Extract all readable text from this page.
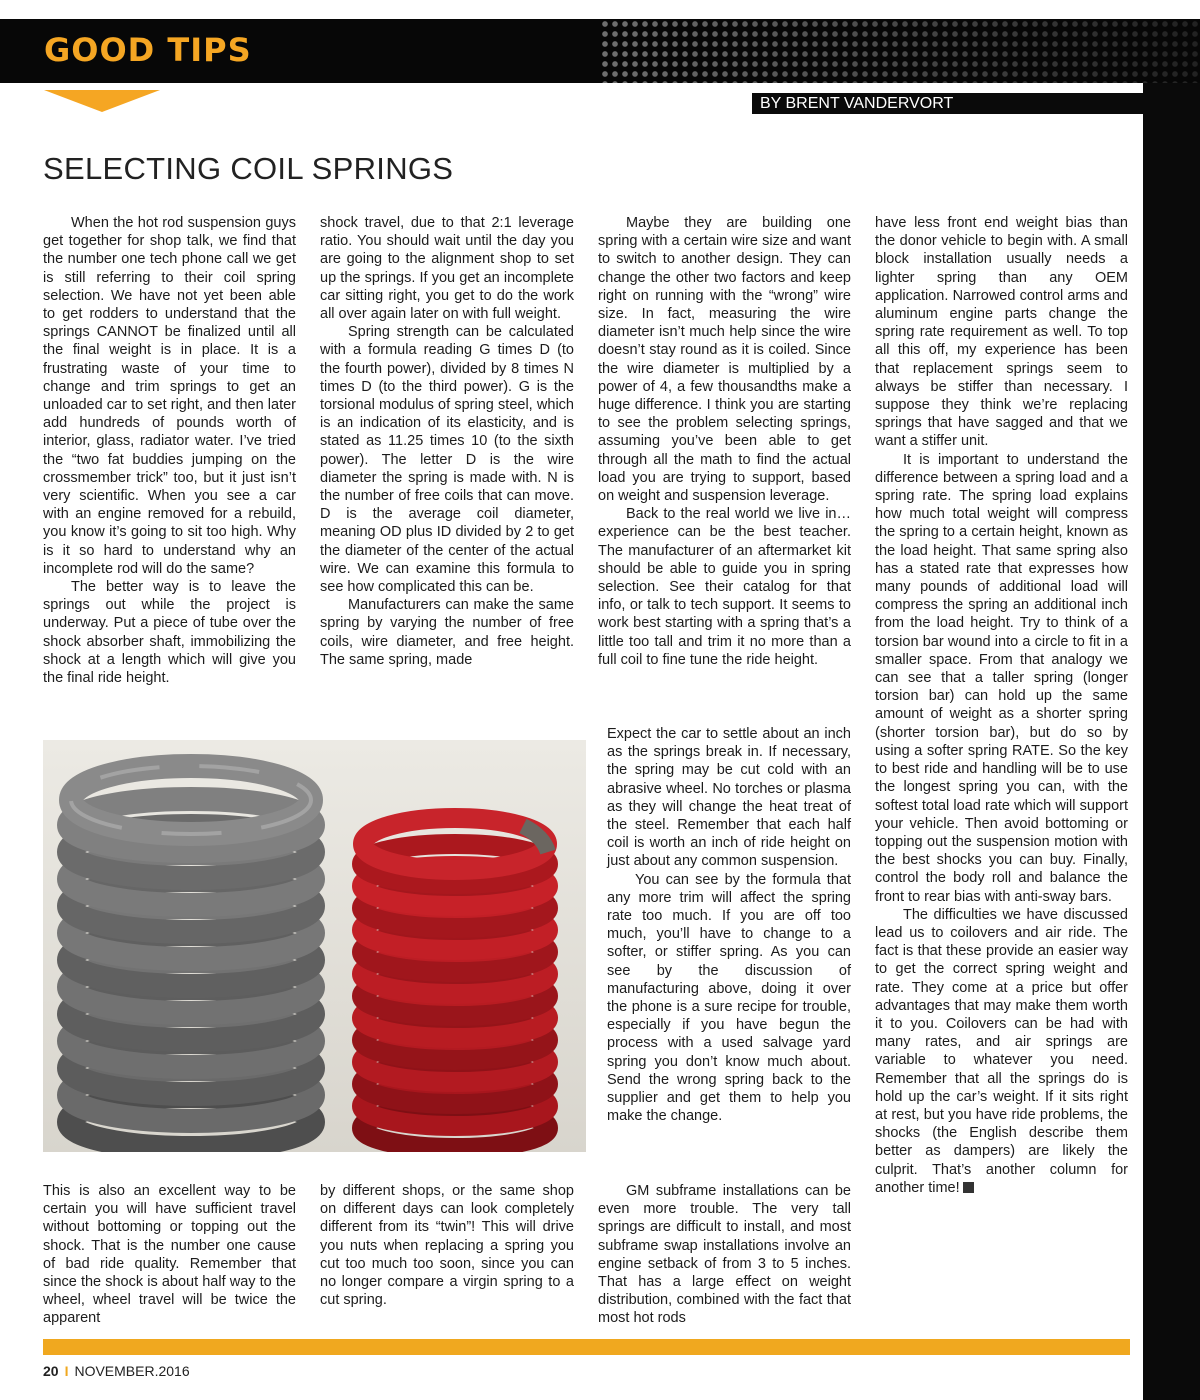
GOOD TIPS
BY BRENT VANDERVORT
SELECTING COIL SPRINGS

When the hot rod suspension guys get together for shop talk, we find that the number one tech phone call we get is still referring to their coil spring selection. We have not yet been able to get rodders to understand that the springs CANNOT be finalized until all the final weight is in place. It is a frustrating waste of your time to change and trim springs to get an unloaded car to set right, and then later add hundreds of pounds worth of interior, glass, radiator water. I’ve tried the “two fat buddies jumping on the crossmember trick” too, but it just isn’t very scientific. When you see a car with an engine removed for a rebuild, you know it’s going to sit too high. Why is it so hard to understand why an incomplete rod will do the same?

The better way is to leave the springs out while the project is underway. Put a piece of tube over the shock absorber shaft, immobilizing the shock at a length which will give you the final ride height.

shock travel, due to that 2:1 leverage ratio. You should wait until the day you are going to the alignment shop to set up the springs. If you get an incomplete car sitting right, you get to do the work all over again later on with full weight.

Spring strength can be calculated with a formula reading G times D (to the fourth power), divided by 8 times N times D (to the third power). G is the torsional modulus of spring steel, which is an indication of its elasticity, and is stated as 11.25 times 10 (to the sixth power). The letter D is the wire diameter the spring is made with. N is the number of free coils that can move. D is the average coil diameter, meaning OD plus ID divided by 2 to get the diameter of the center of the actual wire. We can examine this formula to see how complicated this can be.

Manufacturers can make the same spring by varying the number of free coils, wire diameter, and free height. The same spring, made

This is also an excellent way to be certain you will have sufficient travel without bottoming or topping out the shock. That is the number one cause of bad ride quality. Remember that since the shock is about half way to the wheel, wheel travel will be twice the apparent

by different shops, or the same shop on different days can look completely different from its “twin”! This will drive you nuts when replacing a spring you cut too much too soon, since you can no longer compare a virgin spring to a cut spring.

Maybe they are building one spring with a certain wire size and want to switch to another design. They can change the other two factors and keep right on running with the “wrong” wire size. In fact, measuring the wire diameter isn’t much help since the wire doesn’t stay round as it is coiled. Since the wire diameter is multiplied by a power of 4, a few thousandths make a huge difference. I think you are starting to see the problem selecting springs, assuming you’ve been able to get through all the math to find the actual load you are trying to support, based on weight and suspension leverage.

Back to the real world we live in…experience can be the best teacher. The manufacturer of an aftermarket kit should be able to guide you in spring selection. See their catalog for that info, or talk to tech support. It seems to work best starting with a spring that’s a little too tall and trim it no more than a full coil to fine tune the ride height.

Expect the car to settle about an inch as the springs break in. If necessary, the spring may be cut cold with an abrasive wheel. No torches or plasma as they will change the heat treat of the steel. Remember that each half coil is worth an inch of ride height on just about any common suspension.

You can see by the formula that any more trim will affect the spring rate too much. If you are off too much, you’ll have to change to a softer, or stiffer spring. As you can see by the discussion of manufacturing above, doing it over the phone is a sure recipe for trouble, especially if you have begun the process with a used salvage yard spring you don’t know much about. Send the wrong spring back to the supplier and get them to help you make the change.

GM subframe installations can be even more trouble. The very tall springs are difficult to install, and most subframe swap installations involve an engine setback of from 3 to 5 inches. That has a large effect on weight distribution, combined with the fact that most hot rods

have less front end weight bias than the donor vehicle to begin with. A small block installation usually needs a lighter spring than any OEM application. Narrowed control arms and aluminum engine parts change the spring rate requirement as well. To top all this off, my experience has been that replacement springs seem to always be stiffer than necessary. I suppose they think we’re replacing springs that have sagged and that we want a stiffer unit.

It is important to understand the difference between a spring load and a spring rate. The spring load explains how much total weight will compress the spring to a certain height, known as the load height. That same spring also has a stated rate that expresses how many pounds of additional load will compress the spring an additional inch from the load height. Try to think of a torsion bar wound into a circle to fit in a smaller space. From that analogy we can see that a taller spring (longer torsion bar) can hold up the same amount of weight as a shorter spring (shorter torsion bar), but do so by using a softer spring RATE. So the key to best ride and handling will be to use the longest spring you can, with the softest total load rate which will support your vehicle. Then avoid bottoming or topping out the suspension motion with the best shocks you can buy. Finally, control the body roll and balance the front to rear bias with anti-sway bars.

The difficulties we have discussed lead us to coilovers and air ride. The fact is that these provide an easier way to get the correct spring weight and rate. They come at a price but offer advantages that may make them worth it to you. Coilovers can be had with many rates, and air springs are variable to whatever you need. Remember that all the springs do is hold up the car’s weight. If it sits right at rest, but you have ride problems, the shocks (the English describe them better as dampers) are likely the culprit. That’s another column for another time!	GG

20 I NOVEMBER.2016
